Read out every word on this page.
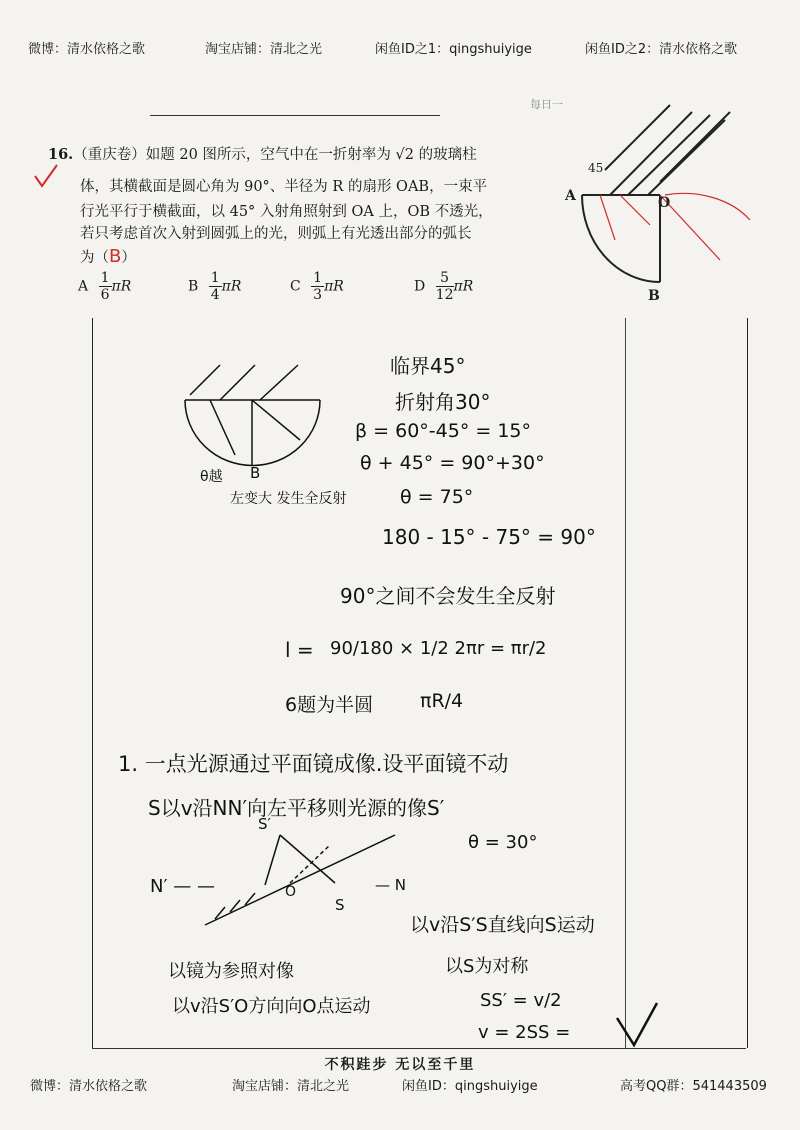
微博：清水依格之歌	淘宝店铺：清北之光	闲鱼ID之1：qingshuiyige	闲鱼ID之2：清水依格之歌
每日一
16.（重庆卷）如题 20 图所示，空气中在一折射率为 √2 的玻璃柱
体，其横截面是圆心角为 90°、半径为 R 的扇形 OAB，一束平
行光平行于横截面，以 45° 入射角照射到 OA 上，OB 不透光，
若只考虑首次入射到圆弧上的光，则弧上有光透出部分的弧长
为（B）
A $\frac{1}{6}$ πR	B $\frac{1}{4}$ πR	C $\frac{1}{3}$ πR	D $\frac{5}{12}$ πR
45
A	O
B
B
θ越
左变大 发生全反射
临界45°
折射角30°
β = 60°-45° = 15°
θ + 45° = 90°+30°
θ = 75°
180 - 15° - 75° = 90°
90°之间不会发生全反射
l = 90/180 × 1/2 2πr = πr/2
6题为半圆 πR/4
1. 一点光源通过平面镜成像.设平面镜不动
S以v沿NN′向左平移则光源的像S′
θ = 30°
S′
N′ — —	O
S
— N
以v沿S′S直线向S运动
以镜为参照对像	以S为对称
以v沿S′O方向向O点运动	SS′ = v/2
v = 2SS =
不积跬步 无以至千里
微博：清水依格之歌	淘宝店铺：清北之光	闲鱼ID：qingshuiyige	高考QQ群：541443509
